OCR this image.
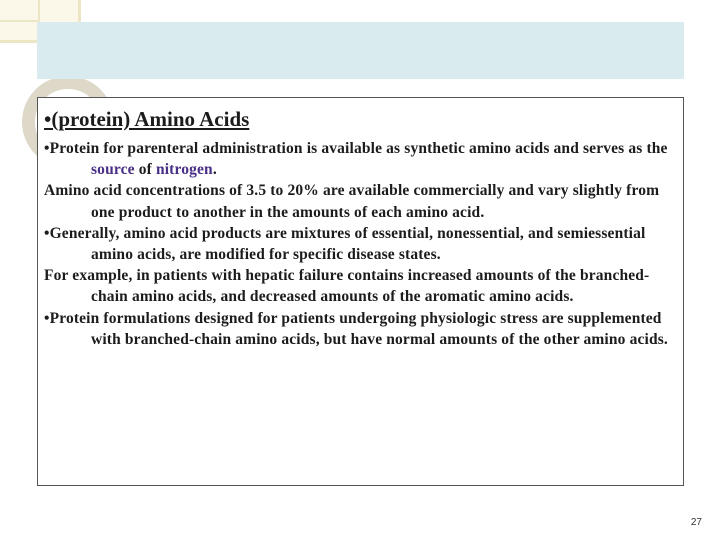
•(protein) Amino Acids

•Protein for parenteral administration is available as synthetic amino acids and serves as the source of nitrogen.

Amino acid concentrations of 3.5 to 20% are available commercially and vary slightly from one product to another in the amounts of each amino acid.

•Generally, amino acid products are mixtures of essential, nonessential, and semiessential amino acids, are modified for specific disease states.

For example, in patients with hepatic failure contains increased amounts of the branched-chain amino acids, and decreased amounts of the aromatic amino acids.

•Protein formulations designed for patients undergoing physiologic stress are supplemented with branched-chain amino acids, but have normal amounts of the other amino acids.

27
